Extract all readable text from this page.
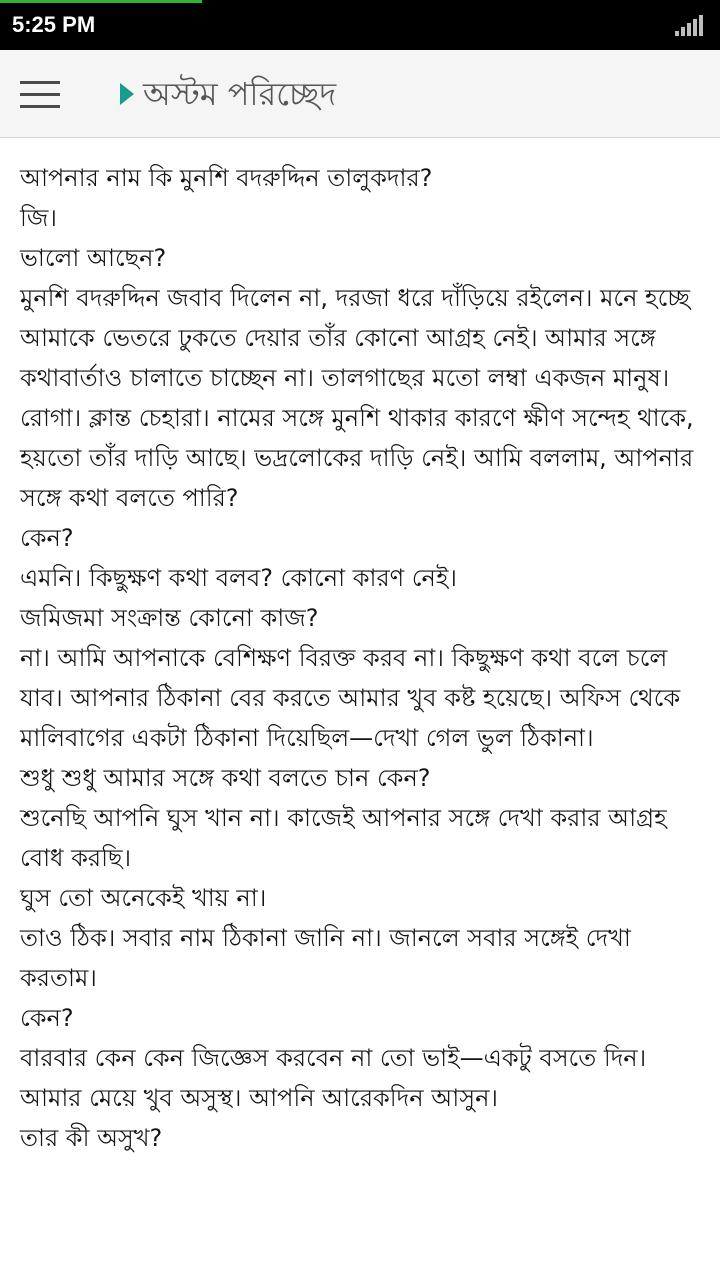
5:25 PM
অস্টম পরিচ্ছেদ

আপনার নাম কি মুনশি বদরুদ্দিন তালুকদার?

জি।

ভালো আছেন?

মুনশি বদরুদ্দিন জবাব দিলেন না, দরজা ধরে দাঁড়িয়ে রইলেন। মনে হচ্ছে আমাকে ভেতরে ঢুকতে দেয়ার তাঁর কোনো আগ্রহ নেই। আমার সঙ্গে কথাবার্তাও চালাতে চাচ্ছেন না। তালগাছের মতো লম্বা একজন মানুষ। রোগা। ক্লান্ত চেহারা। নামের সঙ্গে মুনশি থাকার কারণে ক্ষীণ সন্দেহ থাকে, হয়তো তাঁর দাড়ি আছে। ভদ্রলোকের দাড়ি নেই। আমি বললাম, আপনার সঙ্গে কথা বলতে পারি?

কেন?

এমনি। কিছুক্ষণ কথা বলব? কোনো কারণ নেই।

জমিজমা সংক্রান্ত কোনো কাজ?

না। আমি আপনাকে বেশিক্ষণ বিরক্ত করব না। কিছুক্ষণ কথা বলে চলে যাব। আপনার ঠিকানা বের করতে আমার খুব কষ্ট হয়েছে। অফিস থেকে মালিবাগের একটা ঠিকানা দিয়েছিল—দেখা গেল ভুল ঠিকানা।

শুধু শুধু আমার সঙ্গে কথা বলতে চান কেন?

শুনেছি আপনি ঘুস খান না। কাজেই আপনার সঙ্গে দেখা করার আগ্রহ বোধ করছি।

ঘুস তো অনেকেই খায় না।

তাও ঠিক। সবার নাম ঠিকানা জানি না। জানলে সবার সঙ্গেই দেখা করতাম।

কেন?

বারবার কেন কেন জিজ্ঞেস করবেন না তো ভাই—একটু বসতে দিন।

আমার মেয়ে খুব অসুস্থ। আপনি আরেকদিন আসুন।

তার কী অসুখ?
